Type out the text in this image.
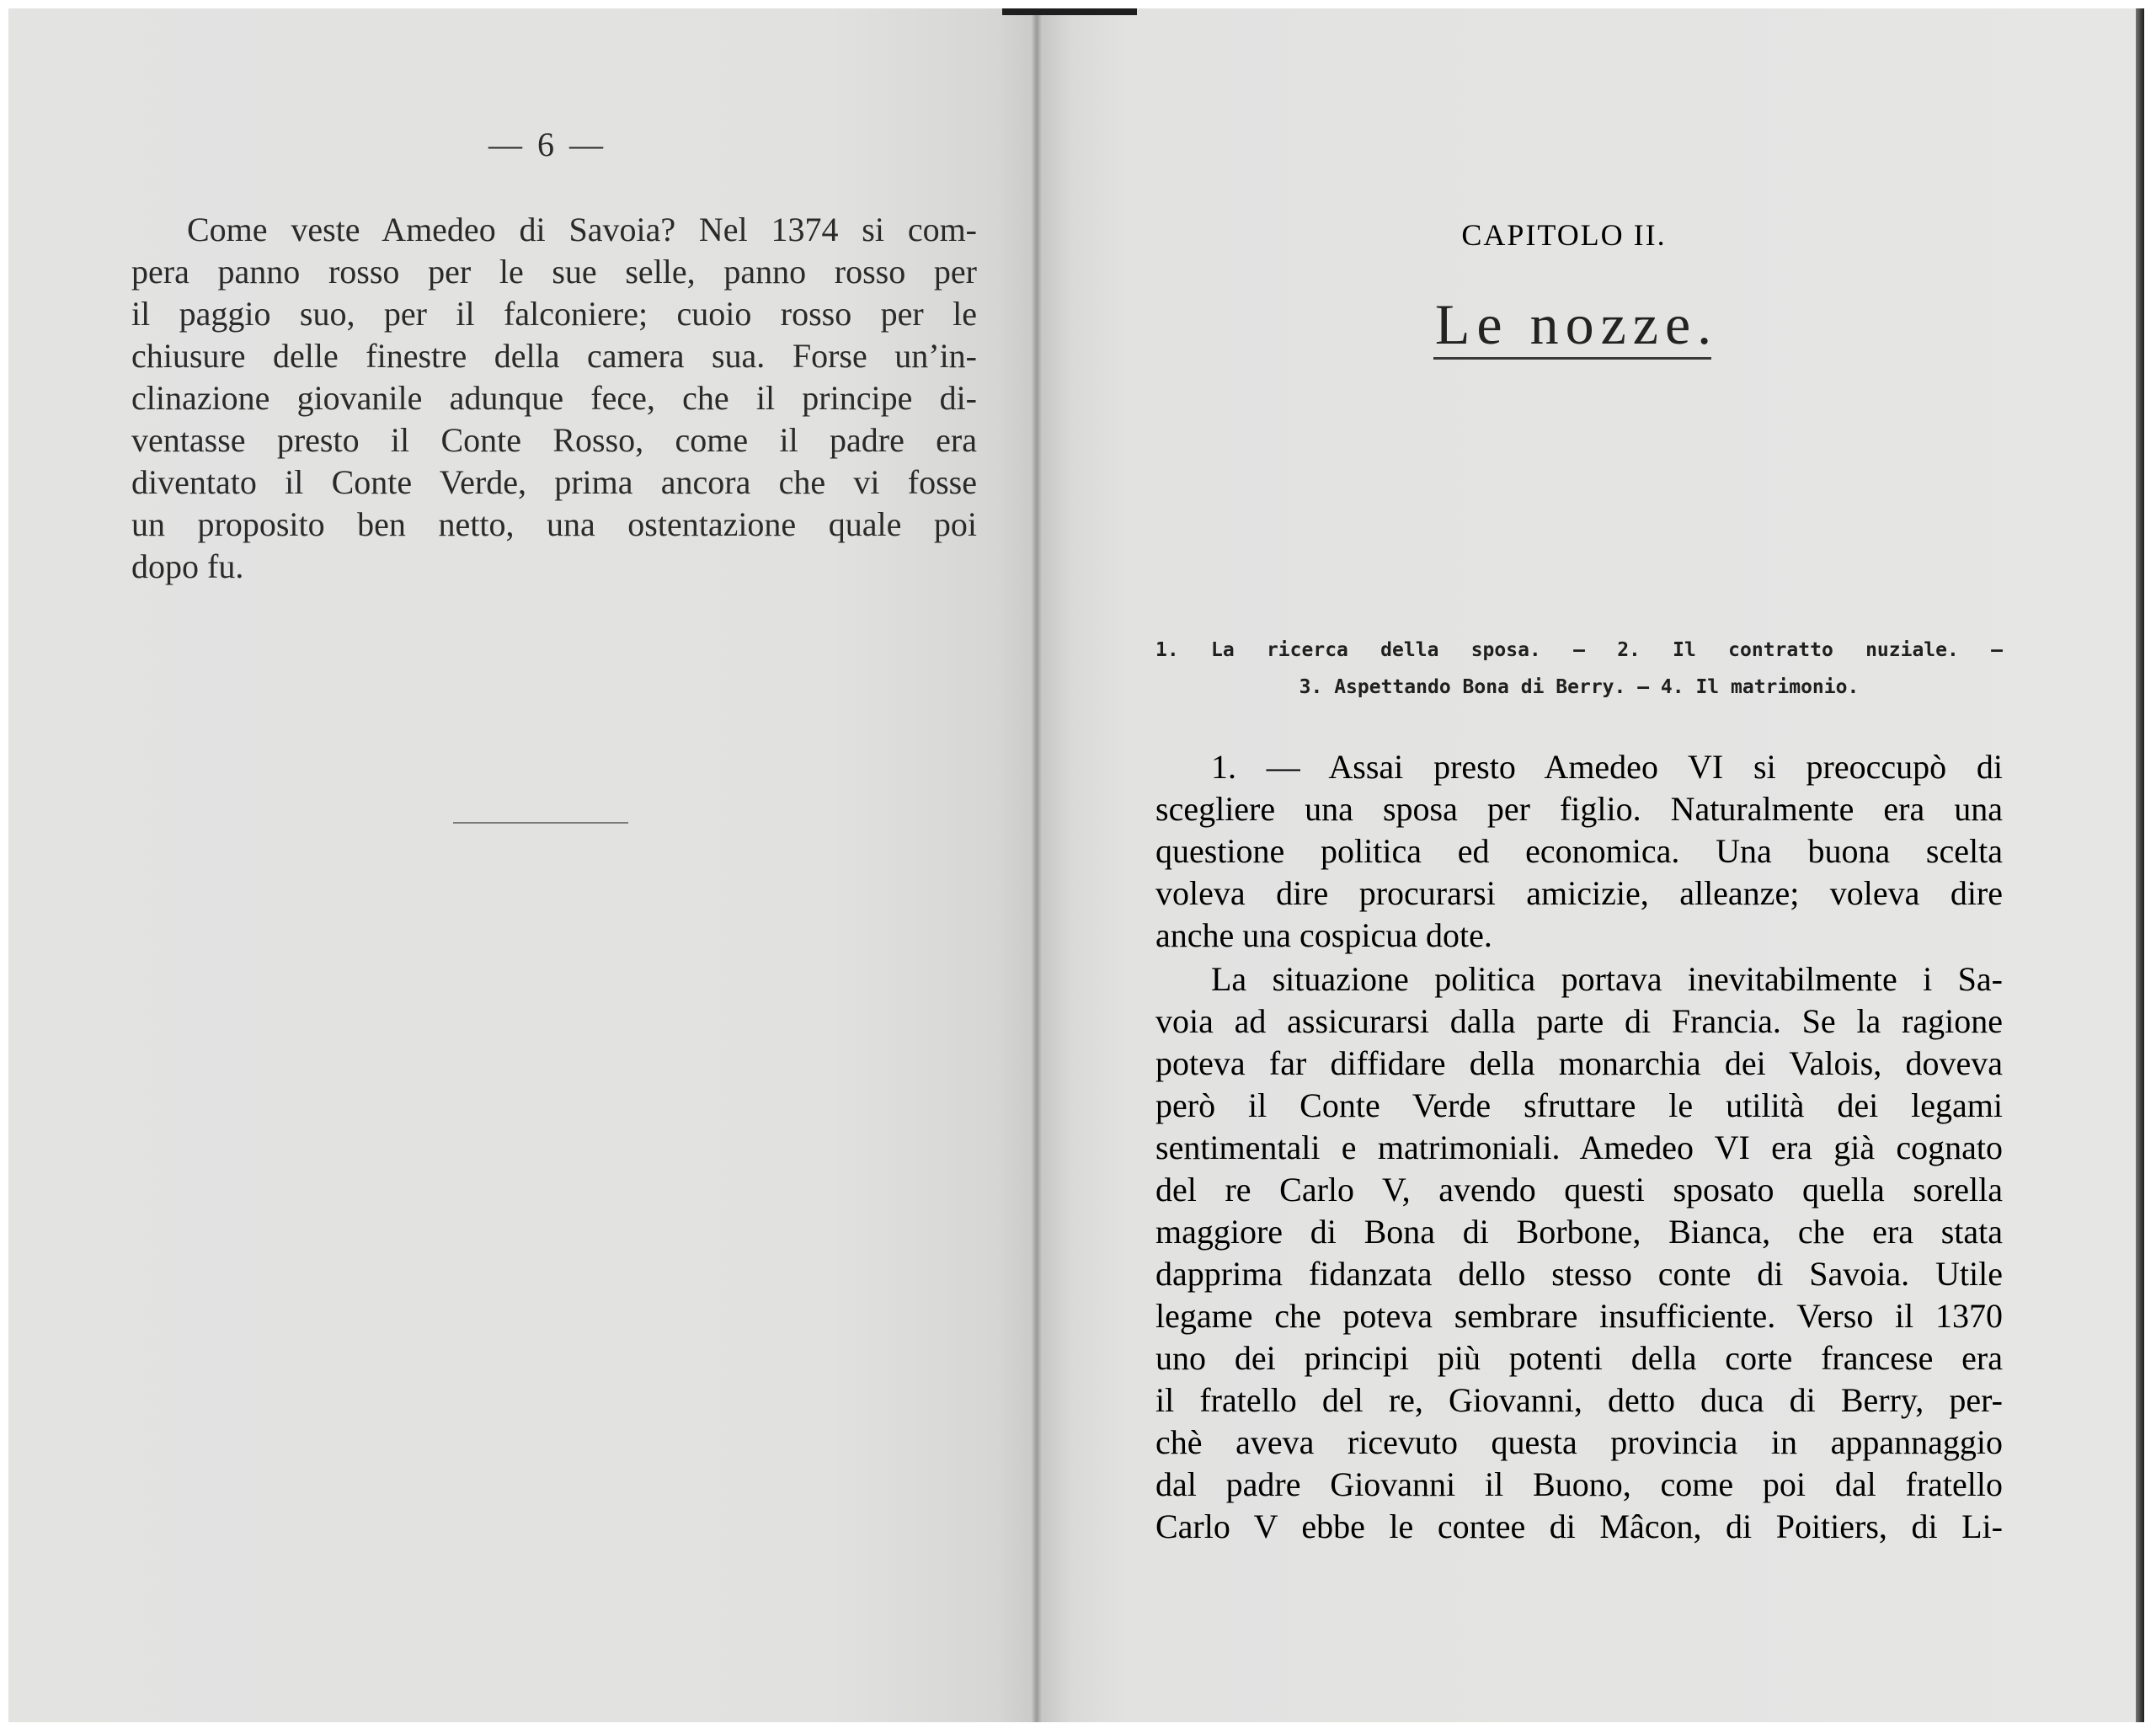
— 6 —
Come veste Amedeo di Savoia? Nel 1374 si com-
pera panno rosso per le sue selle, panno rosso per
il paggio suo, per il falconiere; cuoio rosso per le
chiusure delle finestre della camera sua. Forse un’in-
clinazione giovanile adunque fece, che il principe di-
ventasse presto il Conte Rosso, come il padre era
diventato il Conte Verde, prima ancora che vi fosse
un proposito ben netto, una ostentazione quale poi
dopo fu.
CAPITOLO II.
Le nozze.
1. La ricerca della sposa. — 2. Il contratto nuziale. —
3. Aspettando Bona di Berry. — 4. Il matrimonio.
1. — Assai presto Amedeo VI si preoccupò di
scegliere una sposa per figlio. Naturalmente era una
questione politica ed economica. Una buona scelta
voleva dire procurarsi amicizie, alleanze; voleva dire
anche una cospicua dote.
La situazione politica portava inevitabilmente i Sa-
voia ad assicurarsi dalla parte di Francia. Se la ragione
poteva far diffidare della monarchia dei Valois, doveva
però il Conte Verde sfruttare le utilità dei legami
sentimentali e matrimoniali. Amedeo VI era già cognato
del re Carlo V, avendo questi sposato quella sorella
maggiore di Bona di Borbone, Bianca, che era stata
dapprima fidanzata dello stesso conte di Savoia. Utile
legame che poteva sembrare insufficiente. Verso il 1370
uno dei principi più potenti della corte francese era
il fratello del re, Giovanni, detto duca di Berry, per-
chè aveva ricevuto questa provincia in appannaggio
dal padre Giovanni il Buono, come poi dal fratello
Carlo V ebbe le contee di Mâcon, di Poitiers, di Li-
